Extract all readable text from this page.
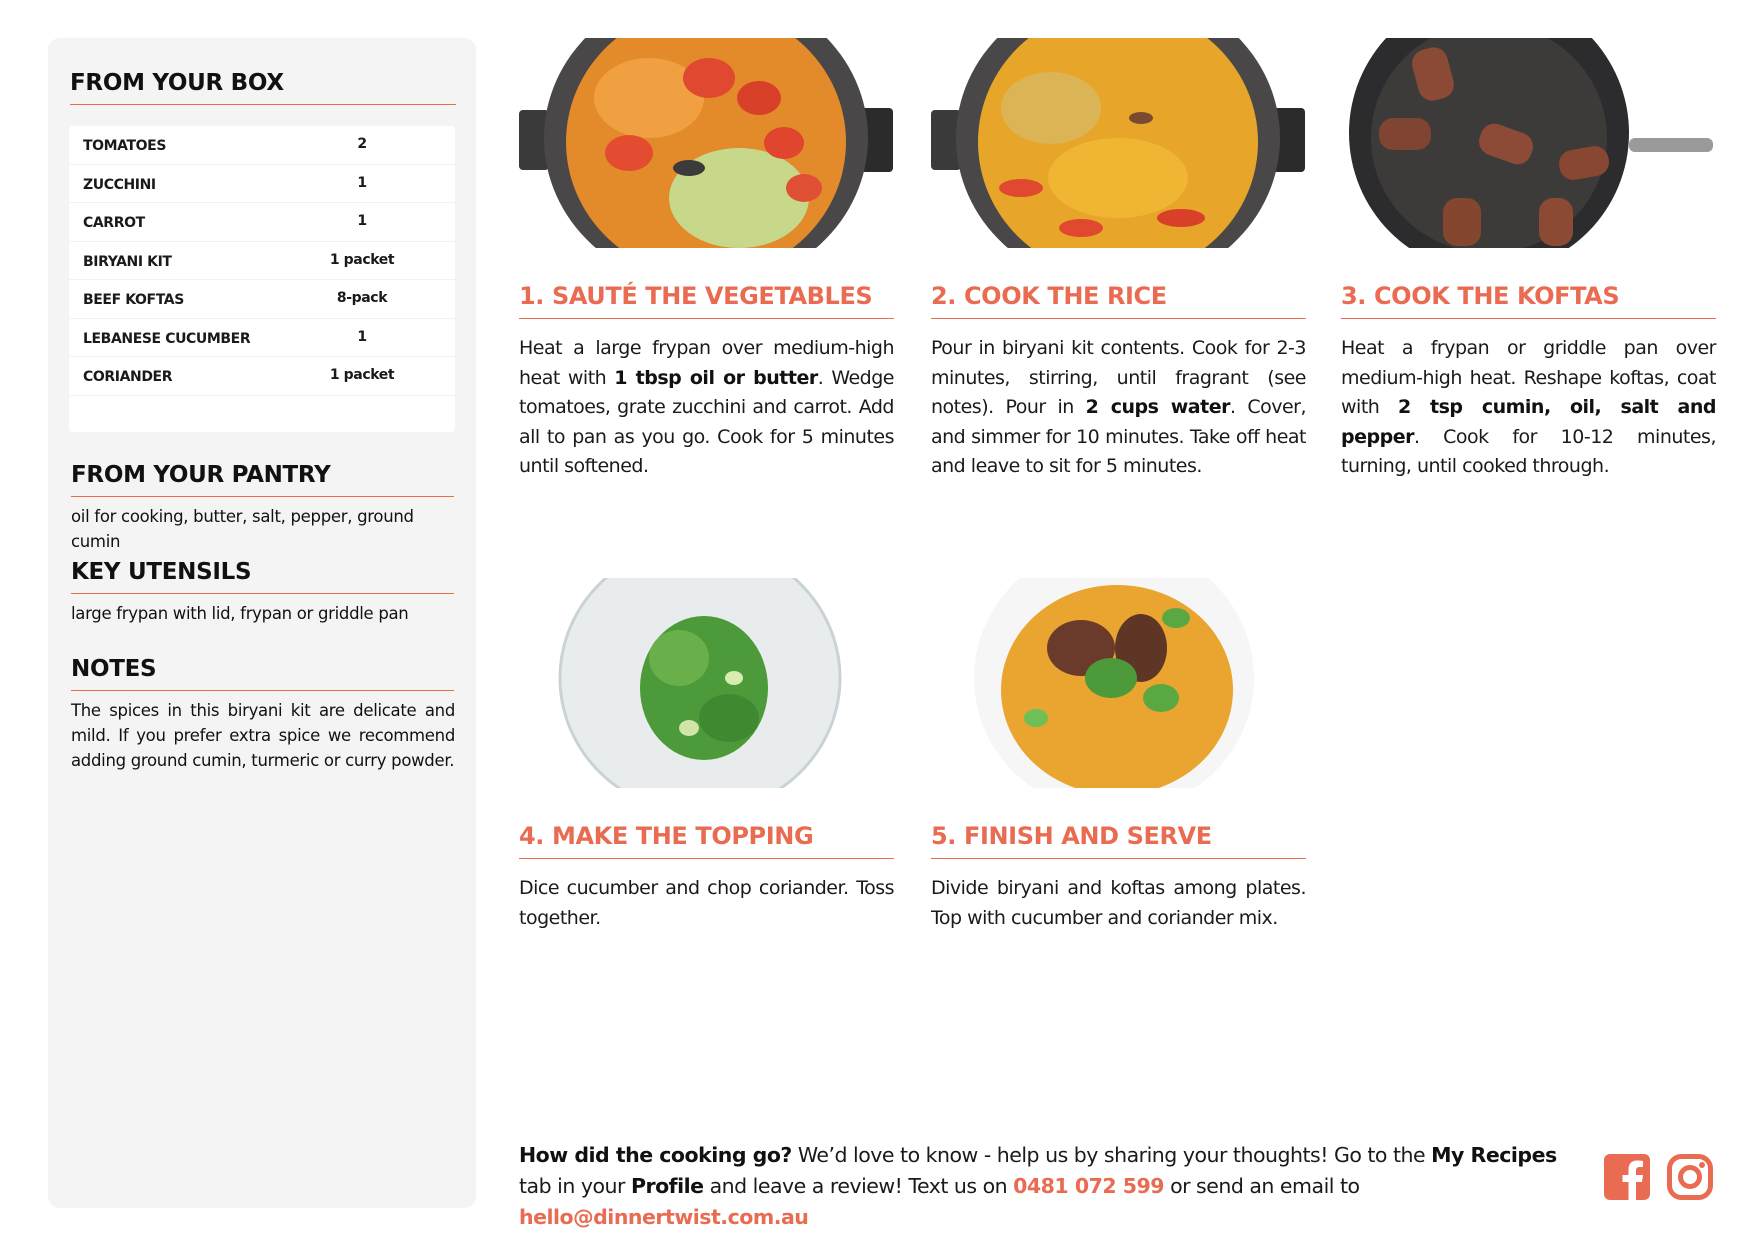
FROM YOUR BOX
TOMATOES	2
ZUCCHINI	1
CARROT	1
BIRYANI KIT	1 packet
BEEF KOFTAS	8-pack
LEBANESE CUCUMBER	1
CORIANDER	1 packet
FROM YOUR PANTRY
oil for cooking, butter, salt, pepper, ground cumin
KEY UTENSILS
large frypan with lid, frypan or griddle pan
NOTES
The spices in this biryani kit are delicate and mild. If you prefer extra spice we recommend adding ground cumin, turmeric or curry powder.
1. SAUTÉ THE VEGETABLES
Heat a large frypan over medium-high heat with 1 tbsp oil or butter. Wedge tomatoes, grate zucchini and carrot. Add all to pan as you go. Cook for 5 minutes until softened.
2. COOK THE RICE
Pour in biryani kit contents. Cook for 2-3 minutes, stirring, until fragrant (see notes). Pour in 2 cups water. Cover, and simmer for 10 minutes. Take off heat and leave to sit for 5 minutes.
3. COOK THE KOFTAS
Heat a frypan or griddle pan over medium-high heat. Reshape koftas, coat with 2 tsp cumin, oil, salt and pepper. Cook for 10-12 minutes, turning, until cooked through.
4. MAKE THE TOPPING
Dice cucumber and chop coriander. Toss together.
5. FINISH AND SERVE
Divide biryani and koftas among plates. Top with cucumber and coriander mix.
How did the cooking go? We’d love to know - help us by sharing your thoughts! Go to the My Recipes tab in your Profile and leave a review! Text us on 0481 072 599 or send an email to hello@dinnertwist.com.au
